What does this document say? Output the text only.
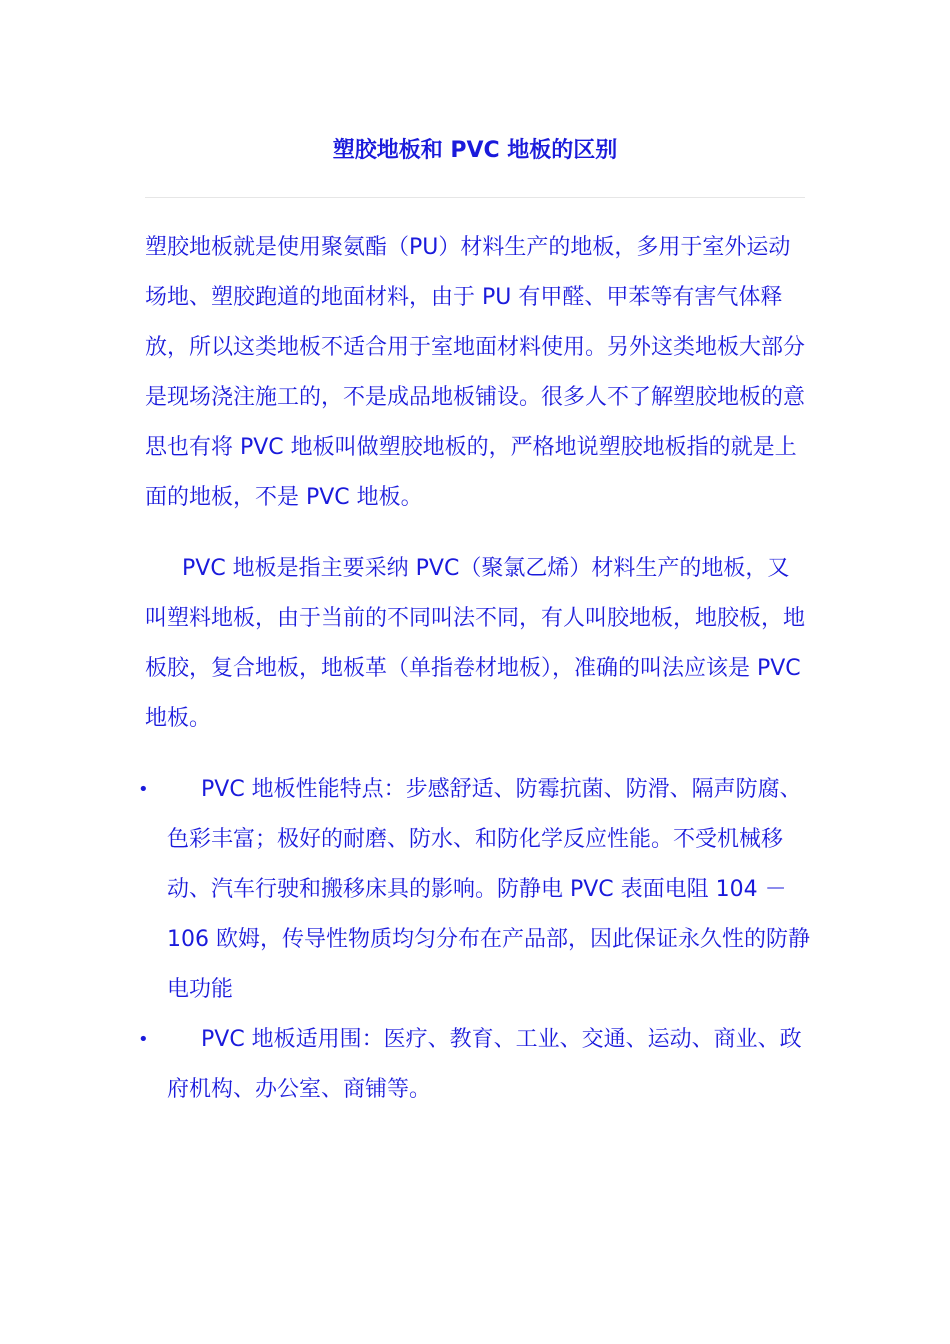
塑胶地板和 PVC 地板的区别

塑胶地板就是使用聚氨酯（PU）材料生产的地板，多用于室外运动场地、塑胶跑道的地面材料，由于 PU 有甲醛、甲苯等有害气体释放，所以这类地板不适合用于室地面材料使用。另外这类地板大部分是现场浇注施工的，不是成品地板铺设。很多人不了解塑胶地板的意思也有将 PVC 地板叫做塑胶地板的，严格地说塑胶地板指的就是上面的地板，不是 PVC 地板。

PVC 地板是指主要采纳 PVC（聚氯乙烯）材料生产的地板，又叫塑料地板，由于当前的不同叫法不同，有人叫胶地板，地胶板，地板胶，复合地板，地板革（单指卷材地板），准确的叫法应该是 PVC 地板。

•	PVC 地板性能特点：步感舒适、防霉抗菌、防滑、隔声防腐、色彩丰富；极好的耐磨、防水、和防化学反应性能。不受机械移动、汽车行驶和搬移床具的影响。防静电 PVC 表面电阻 104 － 106 欧姆，传导性物质均匀分布在产品部，因此保证永久性的防静电功能
•	PVC 地板适用围：医疗、教育、工业、交通、运动、商业、政府机构、办公室、商铺等。
